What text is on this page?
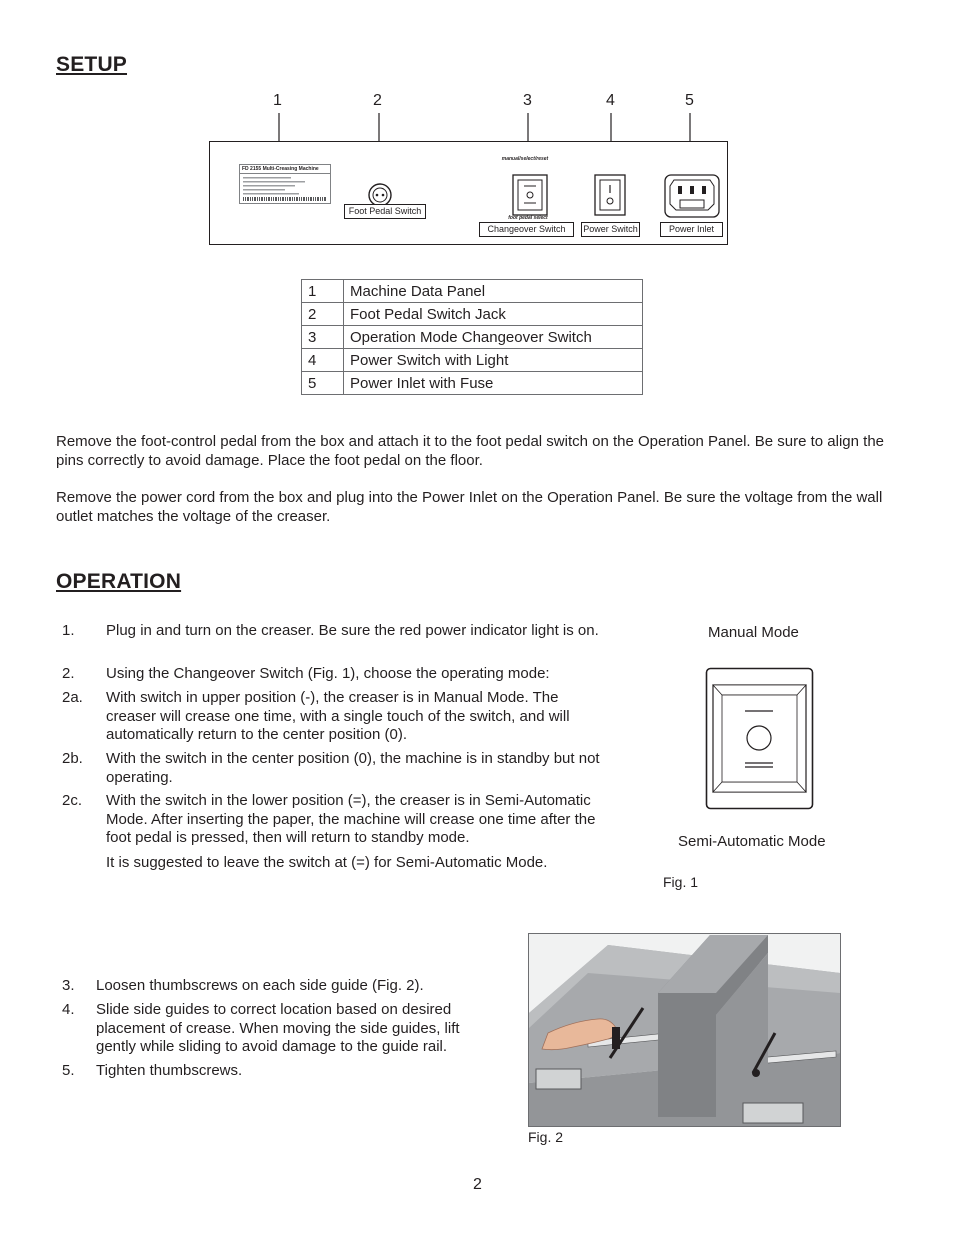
SETUP
1	2	3	4	5
FD 2155 Multi-Creasing Machine
Foot Pedal Switch
manual/select/reset
foot pedal select
Changeover Switch	Power Switch	Power Inlet
1	Machine Data Panel
2	Foot Pedal Switch Jack
3	Operation Mode Changeover Switch
4	Power Switch with Light
5	Power Inlet with Fuse
Remove the foot-control pedal from the box and attach it to the foot pedal switch on the Operation Panel. Be sure to align the pins correctly to avoid damage. Place the foot pedal on the floor.
Remove the power cord from the box and plug into the Power Inlet on the Operation Panel. Be sure the voltage from the wall outlet matches the voltage of the creaser.
OPERATION
1. Plug in and turn on the creaser. Be sure the red power indicator light is on.
2. Using the Changeover Switch (Fig. 1), choose the operating mode:
2a. With switch in upper position (-), the creaser is in Manual Mode. The creaser will crease one time, with a single touch of the switch, and will automatically return to the center position (0).
2b. With the switch in the center position (0), the machine is in standby but not operating.
2c. With the switch in the lower position (=), the creaser is in Semi-Automatic Mode. After inserting the paper, the machine will crease one time after the foot pedal is pressed, then will return to standby mode.
It is suggested to leave the switch at (=) for Semi-Automatic Mode.
Manual Mode
Semi-Automatic Mode
Fig. 1
3. Loosen thumbscrews on each side guide (Fig. 2).
4. Slide side guides to correct location based on desired placement of crease. When moving the side guides, lift gently while sliding to avoid damage to the guide rail.
5. Tighten thumbscrews.
Fig. 2
2
